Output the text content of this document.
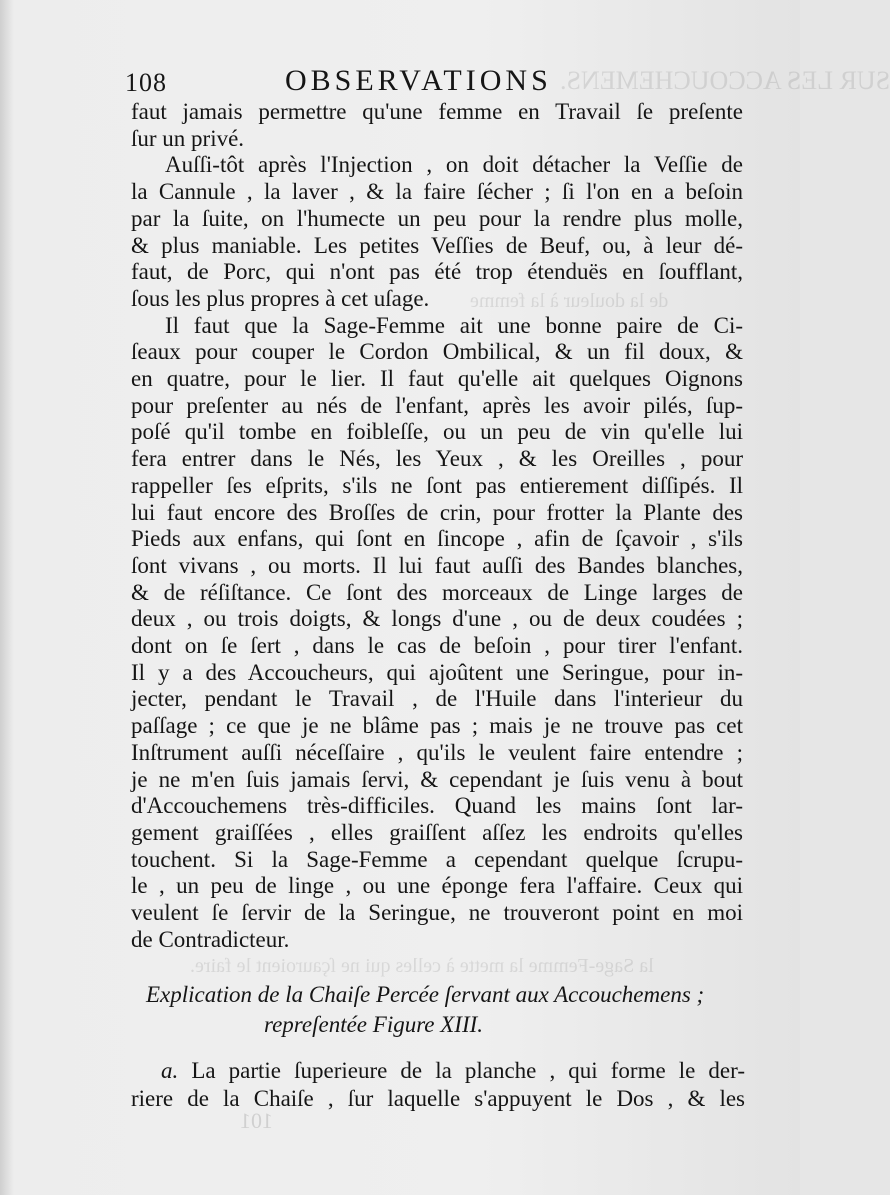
SUR LES ACCOUCHEMENS.
de la douleur à la femme
la Sage-Femme la mette à celles qui ne ſçauroient le faire.
108	OBSERVATIONS
faut jamais permettre qu'une femme en Travail ſe preſente
ſur un privé.
Auſſi-tôt après l'Injection , on doit détacher la Veſſie de
la Cannule , la laver , & la faire ſécher ; ſi l'on en a beſoin
par la ſuite, on l'humecte un peu pour la rendre plus molle,
& plus maniable. Les petites Veſſies de Beuf, ou, à leur dé-
faut, de Porc, qui n'ont pas été trop étenduës en ſoufflant,
ſous les plus propres à cet uſage.
Il faut que la Sage-Femme ait une bonne paire de Ci-
ſeaux pour couper le Cordon Ombilical, & un fil doux, &
en quatre, pour le lier. Il faut qu'elle ait quelques Oignons
pour preſenter au nés de l'enfant, après les avoir pilés, ſup-
poſé qu'il tombe en foibleſſe, ou un peu de vin qu'elle lui
fera entrer dans le Nés, les Yeux , & les Oreilles , pour
rappeller ſes eſprits, s'ils ne ſont pas entierement diſſipés. Il
lui faut encore des Broſſes de crin, pour frotter la Plante des
Pieds aux enfans, qui ſont en ſincope , afin de ſçavoir , s'ils
ſont vivans , ou morts. Il lui faut auſſi des Bandes blanches,
& de réſiſtance. Ce ſont des morceaux de Linge larges de
deux , ou trois doigts, & longs d'une , ou de deux coudées ;
dont on ſe ſert , dans le cas de beſoin , pour tirer l'enfant.
Il y a des Accoucheurs, qui ajoûtent une Seringue, pour in-
jecter, pendant le Travail , de l'Huile dans l'interieur du
paſſage ; ce que je ne blâme pas ; mais je ne trouve pas cet
Inſtrument auſſi néceſſaire , qu'ils le veulent faire entendre ;
je ne m'en ſuis jamais ſervi, & cependant je ſuis venu à bout
d'Accouchemens très-difficiles. Quand les mains ſont lar-
gement graiſſées , elles graiſſent aſſez les endroits qu'elles
touchent. Si la Sage-Femme a cependant quelque ſcrupu-
le , un peu de linge , ou une éponge fera l'affaire. Ceux qui
veulent ſe ſervir de la Seringue, ne trouveront point en moi
de Contradicteur.
Explication de la Chaiſe Percée ſervant aux Accouchemens ;
repreſentée Figure XIII.
a. La partie ſuperieure de la planche , qui forme le der-
riere de la Chaiſe , ſur laquelle s'appuyent le Dos , & les
101
